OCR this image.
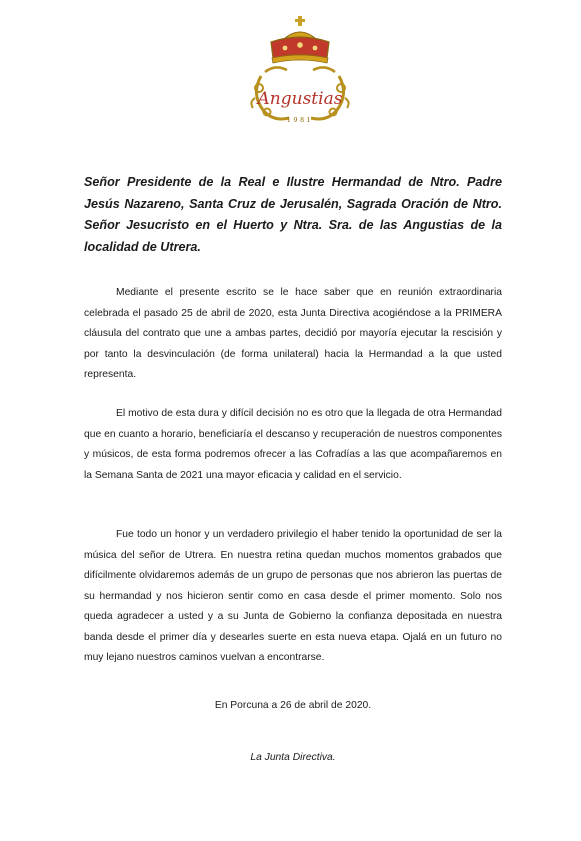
Angustias
1981

Señor Presidente de la Real e Ilustre Hermandad de Ntro. Padre Jesús Nazareno, Santa Cruz de Jerusalén, Sagrada Oración de Ntro. Señor Jesucristo en el Huerto y Ntra. Sra. de las Angustias de la localidad de Utrera.

Mediante el presente escrito se le hace saber que en reunión extraordinaria celebrada el pasado 25 de abril de 2020, esta Junta Directiva acogiéndose a la PRIMERA cláusula del contrato que une a ambas partes, decidió por mayoría ejecutar la rescisión y por tanto la desvinculación (de forma unilateral) hacia la Hermandad a la que usted representa.

El motivo de esta dura y difícil decisión no es otro que la llegada de otra Hermandad que en cuanto a horario, beneficiaría el descanso y recuperación de nuestros componentes y músicos, de esta forma podremos ofrecer a las Cofradías a las que acompañaremos en la Semana Santa de 2021 una mayor eficacia y calidad en el servicio.

Fue todo un honor y un verdadero privilegio el haber tenido la oportunidad de ser la música del señor de Utrera. En nuestra retina quedan muchos momentos grabados que difícilmente olvidaremos además de un grupo de personas que nos abrieron las puertas de su hermandad y nos hicieron sentir como en casa desde el primer momento. Solo nos queda agradecer a usted y a su Junta de Gobierno la confianza depositada en nuestra banda desde el primer día y desearles suerte en esta nueva etapa. Ojalá en un futuro no muy lejano nuestros caminos vuelvan a encontrarse.

En Porcuna a 26 de abril de 2020.

La Junta Directiva.
